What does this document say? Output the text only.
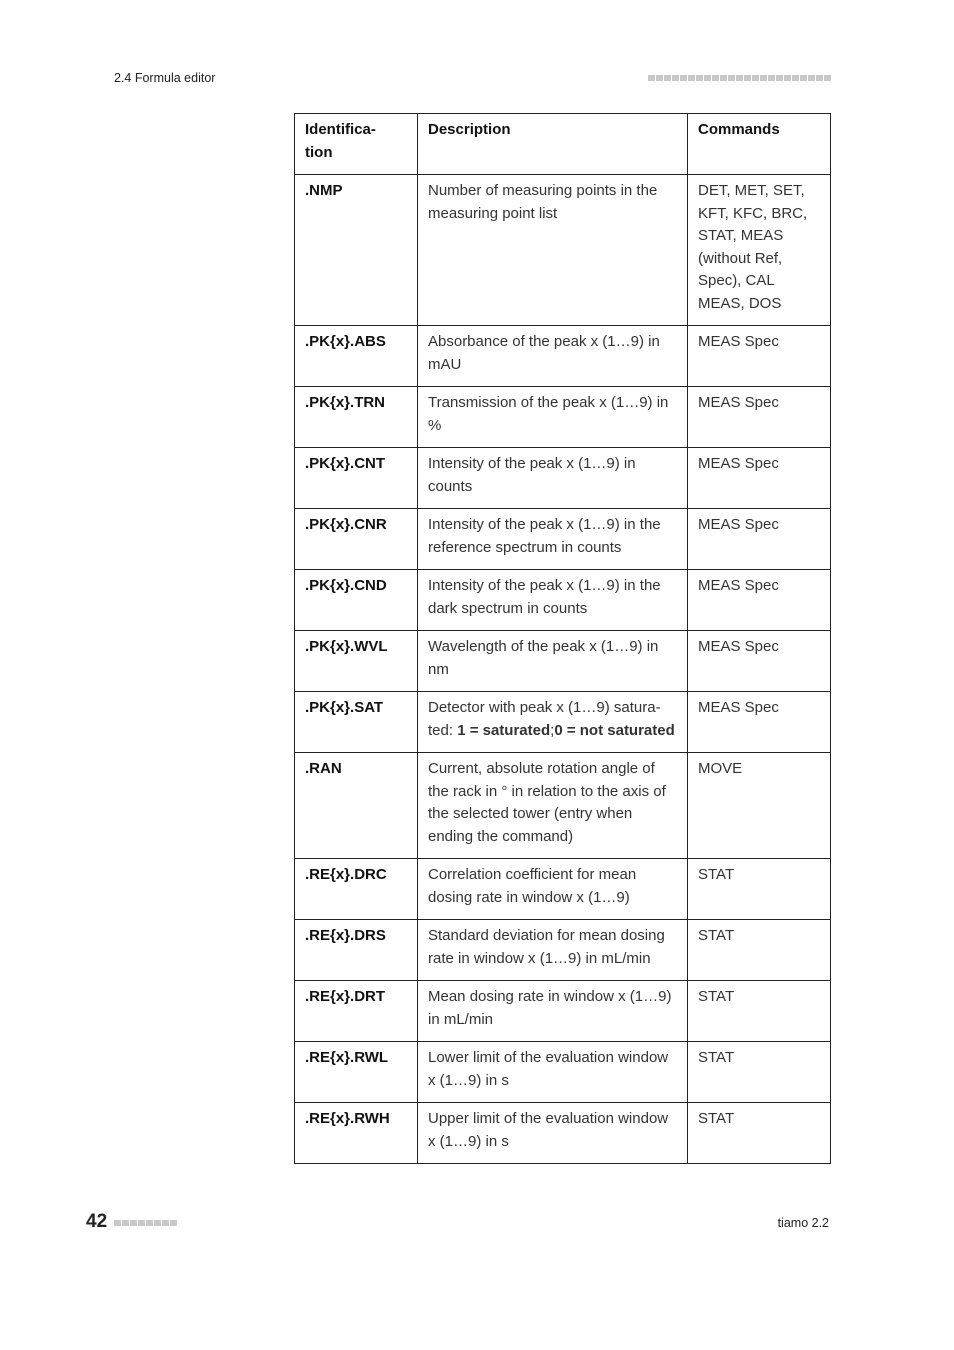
2.4 Formula editor
Identifica-
tion	Description	Commands
.NMP	Number of measuring points in the measuring point list	DET, MET, SET, KFT, KFC, BRC, STAT, MEAS (without Ref, Spec), CAL MEAS, DOS
.PK{x}.ABS	Absorbance of the peak x (1…9) in mAU	MEAS Spec
.PK{x}.TRN	Transmission of the peak x (1…9) in %	MEAS Spec
.PK{x}.CNT	Intensity of the peak x (1…9) in counts	MEAS Spec
.PK{x}.CNR	Intensity of the peak x (1…9) in the reference spectrum in counts	MEAS Spec
.PK{x}.CND	Intensity of the peak x (1…9) in the dark spectrum in counts	MEAS Spec
.PK{x}.WVL	Wavelength of the peak x (1…9) in nm	MEAS Spec
.PK{x}.SAT	Detector with peak x (1…9) saturated: 1 = saturated;0 = not saturated	MEAS Spec
.RAN	Current, absolute rotation angle of the rack in ° in relation to the axis of the selected tower (entry when ending the command)	MOVE
.RE{x}.DRC	Correlation coefficient for mean dosing rate in window x (1…9)	STAT
.RE{x}.DRS	Standard deviation for mean dosing rate in window x (1…9) in mL/min	STAT
.RE{x}.DRT	Mean dosing rate in window x (1…9) in mL/min	STAT
.RE{x}.RWL	Lower limit of the evaluation window x (1…9) in s	STAT
.RE{x}.RWH	Upper limit of the evaluation window x (1…9) in s	STAT
42	tiamo 2.2
